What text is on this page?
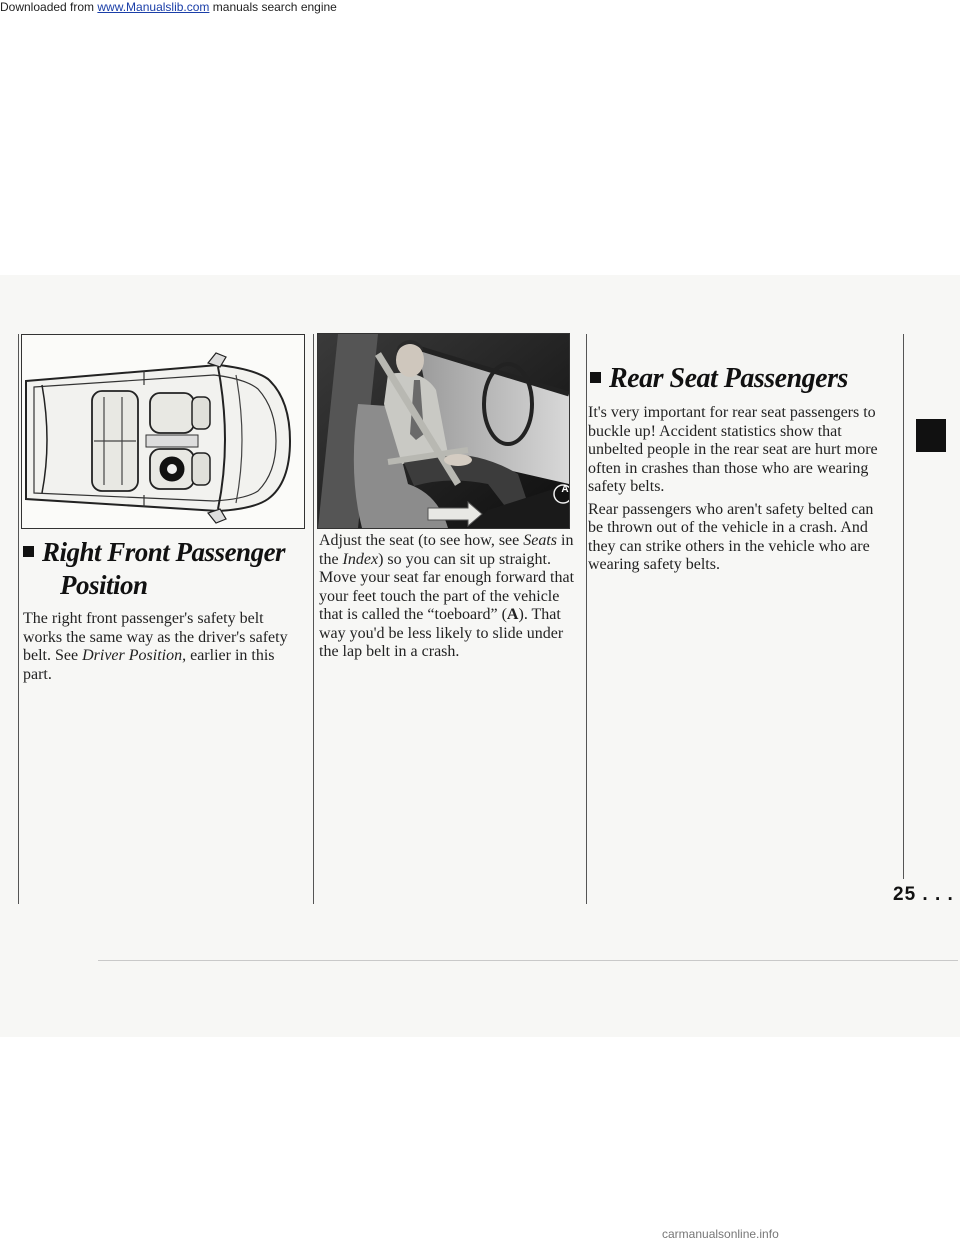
Downloaded from www.Manualslib.com manuals search engine
Right Front Passenger
Position

The right front passenger's safety belt works the same way as the driver's safety belt. See Driver Position, earlier in this part.

A

Adjust the seat (to see how, see Seats in the Index) so you can sit up straight. Move your seat far enough forward that your feet touch the part of the vehicle that is called the “toeboard” (A). That way you'd be less likely to slide under the lap belt in a crash.

Rear Seat Passengers

It's very important for rear seat passengers to buckle up! Accident statistics show that unbelted people in the rear seat are hurt more often in crashes than those who are wearing safety belts.

Rear passengers who aren't safety belted can be thrown out of the vehicle in a crash. And they can strike others in the vehicle who are wearing safety belts.

25 . . .
carmanualsonline.info
